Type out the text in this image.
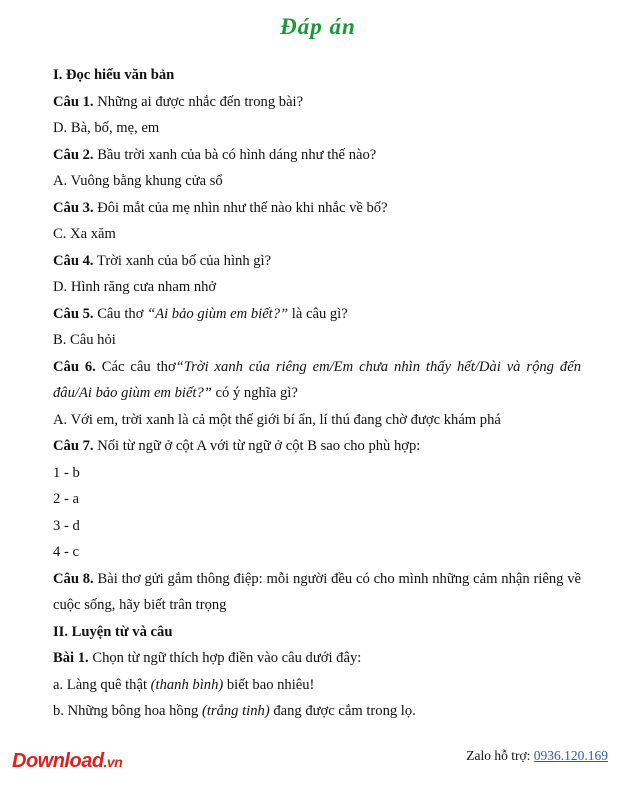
Đáp án
I. Đọc hiểu văn bản
Câu 1. Những ai được nhắc đến trong bài?
D. Bà, bố, mẹ, em
Câu 2. Bầu trời xanh của bà có hình dáng như thế nào?
A. Vuông bằng khung cửa sổ
Câu 3. Đôi mắt của mẹ nhìn như thế nào khi nhắc về bố?
C. Xa xăm
Câu 4. Trời xanh của bố của hình gì?
D. Hình răng cưa nham nhở
Câu 5. Câu thơ “Ai bảo giùm em biết?” là câu gì?
B. Câu hỏi
Câu 6. Các câu thơ“Trời xanh của riêng em/Em chưa nhìn thấy hết/Dài và rộng đến đâu/Ai bảo giùm em biết?” có ý nghĩa gì?
A. Với em, trời xanh là cả một thế giới bí ẩn, lí thú đang chờ được khám phá
Câu 7. Nối từ ngữ ở cột A với từ ngữ ở cột B sao cho phù hợp:
1 - b
2 - a
3 - d
4 - c
Câu 8. Bài thơ gửi gắm thông điệp: mỗi người đều có cho mình những cảm nhận riêng về cuộc sống, hãy biết trân trọng
II. Luyện từ và câu
Bài 1. Chọn từ ngữ thích hợp điền vào câu dưới đây:
a. Làng quê thật (thanh bình) biết bao nhiêu!
b. Những bông hoa hồng (trắng tinh) đang được cắm trong lọ.
Download.vn	Zalo hỗ trợ: 0936.120.169
